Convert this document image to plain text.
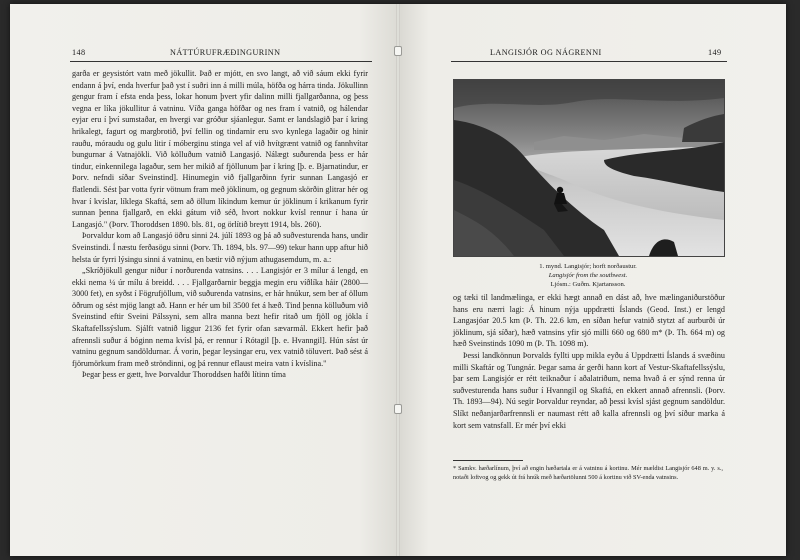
148	NÁTTÚRUFRÆÐINGURINN

garða er geysistórt vatn með jökullit. Það er mjótt, en svo langt, að við sáum ekki fyrir endann á því, enda hverfur það yst í suðri inn á milli múla, höfða og hárra tinda. Jökullinn gengur fram í efsta enda þess, lokar honum þvert yfir dalinn milli fjallgarðanna, og þess vegna er líka jökullitur á vatninu. Víða ganga höfðar og nes fram í vatnið, og hálendar eyjar eru í því sumstaðar, en hvergi var gróður sjáanlegur. Samt er landslagið þar í kring hrikalegt, fagurt og margbrotið, því fellin og tindarnir eru svo kynlega lagaðir og hinir rauðu, móraudu og gulu litir í móberginu stinga vel af við hvítgrænt vatnið og fannhvítar bungurnar á Vatnajökli. Við kölluðum vatnið Langasjó. Nálægt suðurenda þess er hár tindur, einkennilega lagaður, sem her mikið af fjöllunum þar í kring [þ. e. Bjarnatindur, er Þorv. nefndi síðar Sveinstind]. Hinumegin við fjallgarðinn fyrir sunnan Langasjó er flatlendi. Sést þar votta fyrir vötnum fram með jöklinum, og gegnum skörðin glitrar hér og hvar í kvíslar, líklega Skaftá, sem að öllum líkindum kemur úr jöklinum í krikanum fyrir sunnan þenna fjallgarð, en ekki gátum við séð, hvort nokkur kvísl rennur í hana úr Langasjó." (Þorv. Thoroddsen 1890. bls. 81, og örlítið breytt 1914, bls. 260).

Þorvaldur kom að Langasjó öðru sinni 24. júlí 1893 og þá að suðvesturenda hans, undir Sveinstindi. Í næstu ferðasögu sinni (Þorv. Th. 1894, bls. 97—99) tekur hann upp aftur hið helsta úr fyrri lýsingu sinni á vatninu, en bætir við nýjum athugasemdum, m. a.:

„Skríðjökull gengur niður í norðurenda vatnsins. . . . Langisjór er 3 mílur á lengd, en ekki nema ¼ úr mílu á breidd. . . . Fjallgarðarnir beggja megin eru víðlíka háir (2800—3000 fet), en syðst í Fögrufjöllum, við suðurenda vatnsins, er hár hnúkur, sem ber af öllum öðrum og sést mjög langt að. Hann er hér um bil 3500 fet á hæð. Tind þenna kölluðum við Sveinstind eftir Sveini Pálssyni, sem allra manna bezt hefir ritað um fjöll og jökla í Skaftafellssýslum. Sjálft vatnið liggur 2136 fet fyrir ofan sævarmál. Ekkert hefir það afrennsli suður á bóginn nema kvísl þá, er rennur í Rótagil [þ. e. Hvanngil]. Hún sást úr vatninu gegnum sandöldurnar. Á vorin, þegar leysingar eru, vex vatnið töluvert. Það sést á fjörumörkum fram með ströndinni, og þá rennur eflaust meira vatn í kvíslina."

Þegar þess er gætt, hve Þorvaldur Thoroddsen hafði lítinn tíma

LANGISJÓR OG NÁGRENNI	149
1. mynd. Langisjór; horft norðaustur.
Langisjór from the southwest.
Ljósm.: Guðm. Kjartansson.

og tæki til landmælinga, er ekki hægt annað en dást að, hve mælinganiðurstöður hans eru nærri lagi: Á hinum nýja uppdrætti Íslands (Geod. Inst.) er lengd Langasjóar 20.5 km (Þ. Th. 22.6 km, en síðan hefur vatnið stytzt af aurburði úr jöklinum, sjá síðar), hæð vatnsins yfir sjó milli 660 og 680 m* (Þ. Th. 664 m) og hæð Sveinstinds 1090 m (Þ. Th. 1098 m).

Þessi landkönnun Þorvalds fyllti upp mikla eyðu á Uppdrætti Íslands á svæðinu milli Skaftár og Tungnár. Þegar sama ár gerði hann kort af Vestur-Skaftafellssýslu, þar sem Langisjór er rétt teiknaður í aðalatriðum, nema hvað á er sýnd renna úr suðvesturenda hans suður í Hvanngil og Skaftá, en ekkert annað afrennsli. (Þorv. Th. 1893—94). Nú segir Þorvaldur reyndar, að þessi kvísl sjást gegnum sandöldur. Slíkt neðanjarðarfrennsli er naumast rétt að kalla afrennsli og því síður marka á kort sem vatnsfall. Er mér því ekki

* Samkv. hæðarlínum, því að engin hæðartala er á vatninu á kortinu. Mér mældist Langisjór 648 m. y. s., notaði loftvog og gekk út frá hnúk með hæðartölunni 500 á kortinu við SV-enda vatnsins.
